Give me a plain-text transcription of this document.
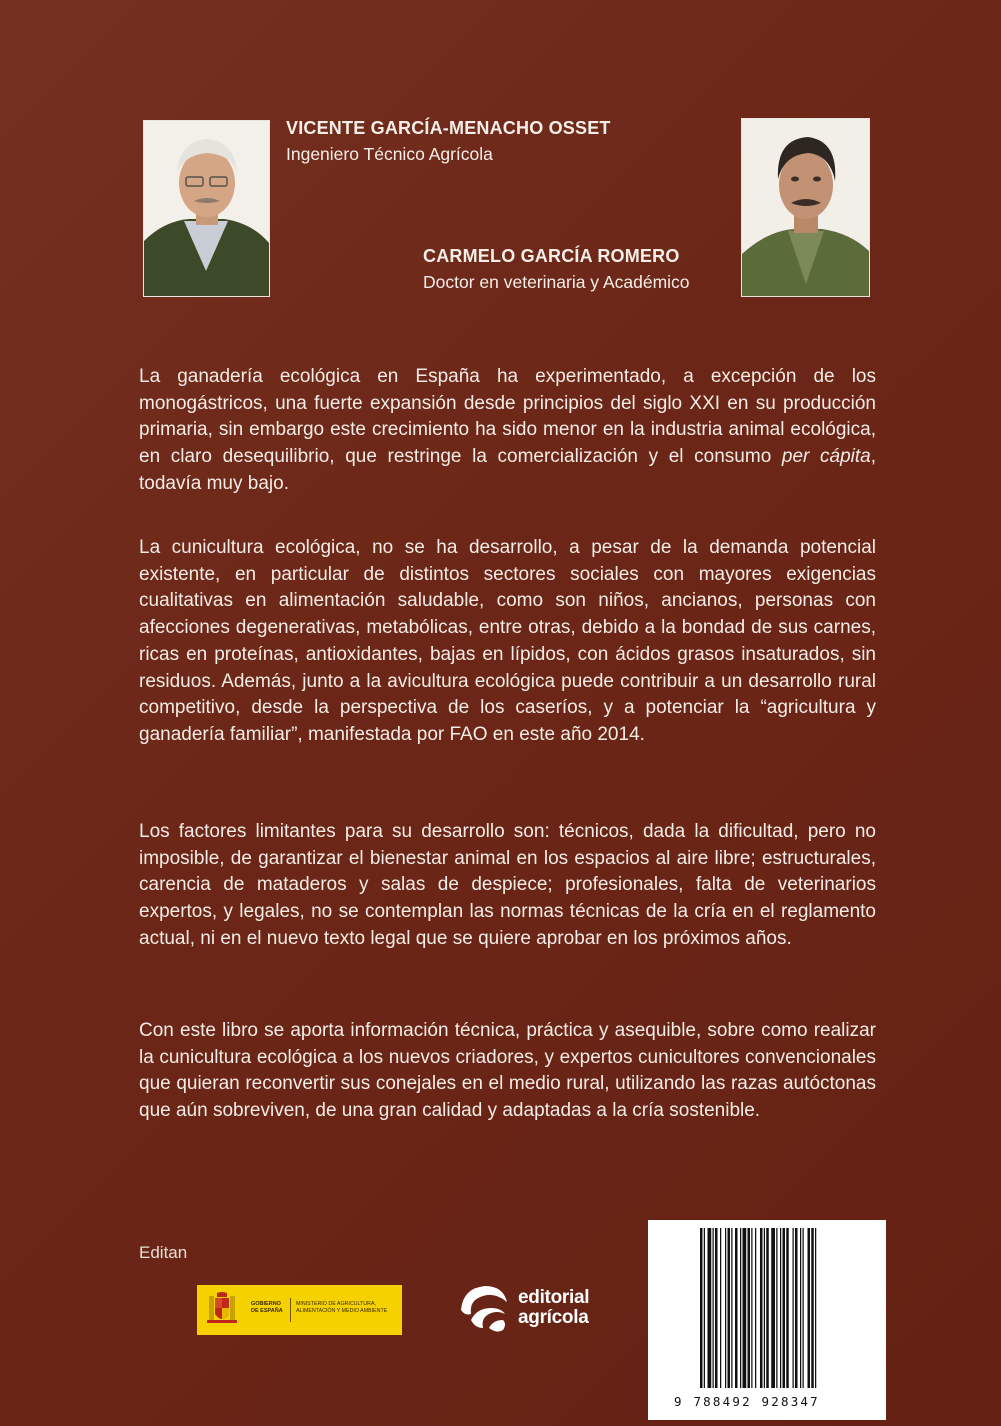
VICENTE GARCÍA-MENACHO OSSET
Ingeniero Técnico Agrícola
CARMELO GARCÍA ROMERO
Doctor en veterinaria y Académico

La ganadería ecológica en España ha experimentado, a excepción de los monogástricos, una fuerte expansión desde principios del siglo XXI en su producción primaria, sin embargo este crecimiento ha sido menor en la industria animal ecológica, en claro desequilibrio, que restringe la comercialización y el consumo per cápita, todavía muy bajo.

La cunicultura ecológica, no se ha desarrollo, a pesar de la demanda potencial existente, en particular de distintos sectores sociales con mayores exigencias cualitativas en alimentación saludable, como son niños, ancianos, personas con afecciones degenerativas, metabólicas, entre otras, debido a la bondad de sus carnes, ricas en proteínas, antioxidantes, bajas en lípidos, con ácidos grasos insaturados, sin residuos. Además, junto a la avicultura ecológica puede contribuir a un desarrollo rural competitivo, desde la perspectiva de los caseríos, y a potenciar la “agricultura y ganadería familiar”, manifestada por FAO en este año 2014.

Los factores limitantes para su desarrollo son: técnicos, dada la dificultad, pero no imposible, de garantizar el bienestar animal en los espacios al aire libre; estructurales, carencia de mataderos y salas de despiece; profesionales, falta de veterinarios expertos, y legales, no se contemplan las normas técnicas de la cría en el reglamento actual, ni en el nuevo texto legal que se quiere aprobar en los próximos años.

Con este libro se aporta información técnica, práctica y asequible, sobre como realizar la cunicultura ecológica a los nuevos criadores, y expertos cunicultores convencionales que quieran reconvertir sus conejales en el medio rural, utilizando las razas autóctonas que aún sobreviven, de una gran calidad y adaptadas a la cría sostenible.

Editan
GOBIERNO
DE ESPAÑA
MINISTERIO DE AGRICULTURA, ALIMENTACIÓN Y MEDIO AMBIENTE
editorial
agrícola
9 788492 928347
